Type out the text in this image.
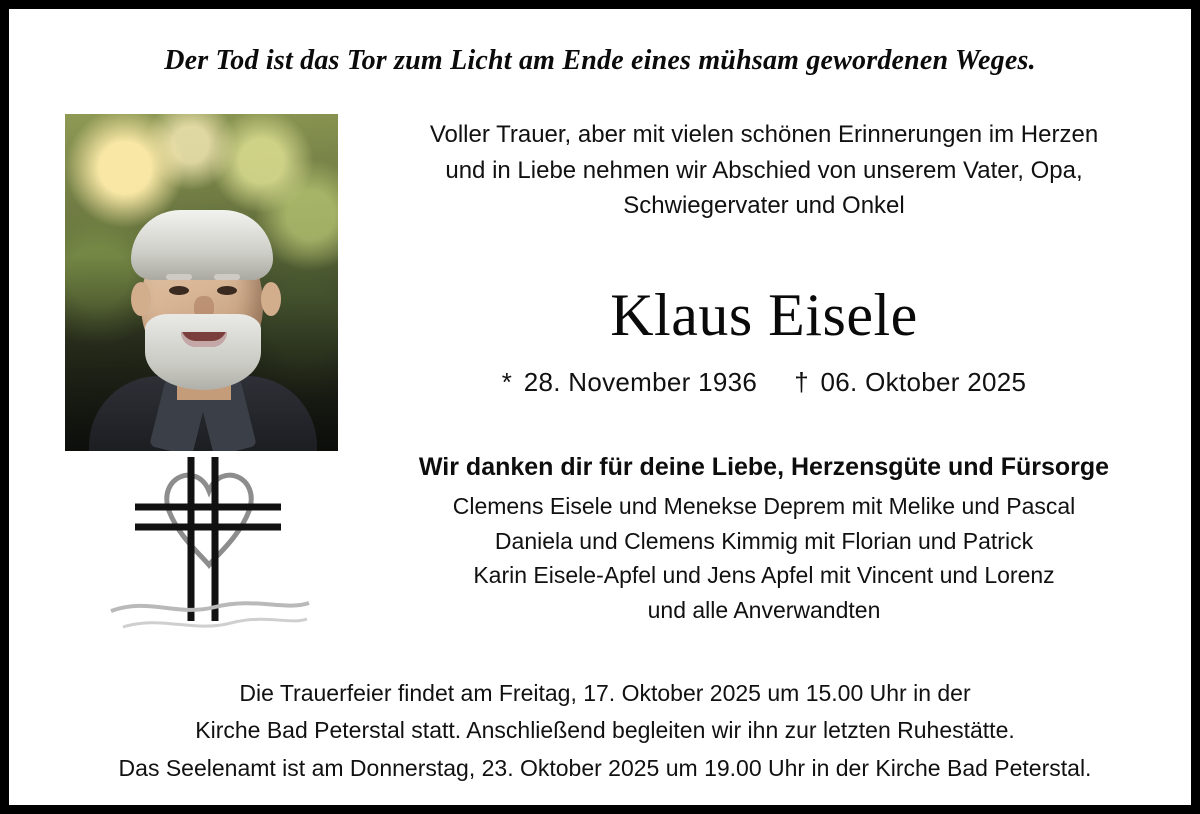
Der Tod ist das Tor zum Licht am Ende eines mühsam gewordenen Weges.
Voller Trauer, aber mit vielen schönen Erinnerungen im Herzen
und in Liebe nehmen wir Abschied von unserem Vater, Opa,
Schwiegervater und Onkel
Klaus Eisele
* 28. November 1936 † 06. Oktober 2025
Wir danken dir für deine Liebe, Herzensgüte und Fürsorge
Clemens Eisele und Menekse Deprem mit Melike und Pascal
Daniela und Clemens Kimmig mit Florian und Patrick
Karin Eisele-Apfel und Jens Apfel mit Vincent und Lorenz
und alle Anverwandten
Die Trauerfeier findet am Freitag, 17. Oktober 2025 um 15.00 Uhr in der
Kirche Bad Peterstal statt. Anschließend begleiten wir ihn zur letzten Ruhestätte.
Das Seelenamt ist am Donnerstag, 23. Oktober 2025 um 19.00 Uhr in der Kirche Bad Peterstal.
